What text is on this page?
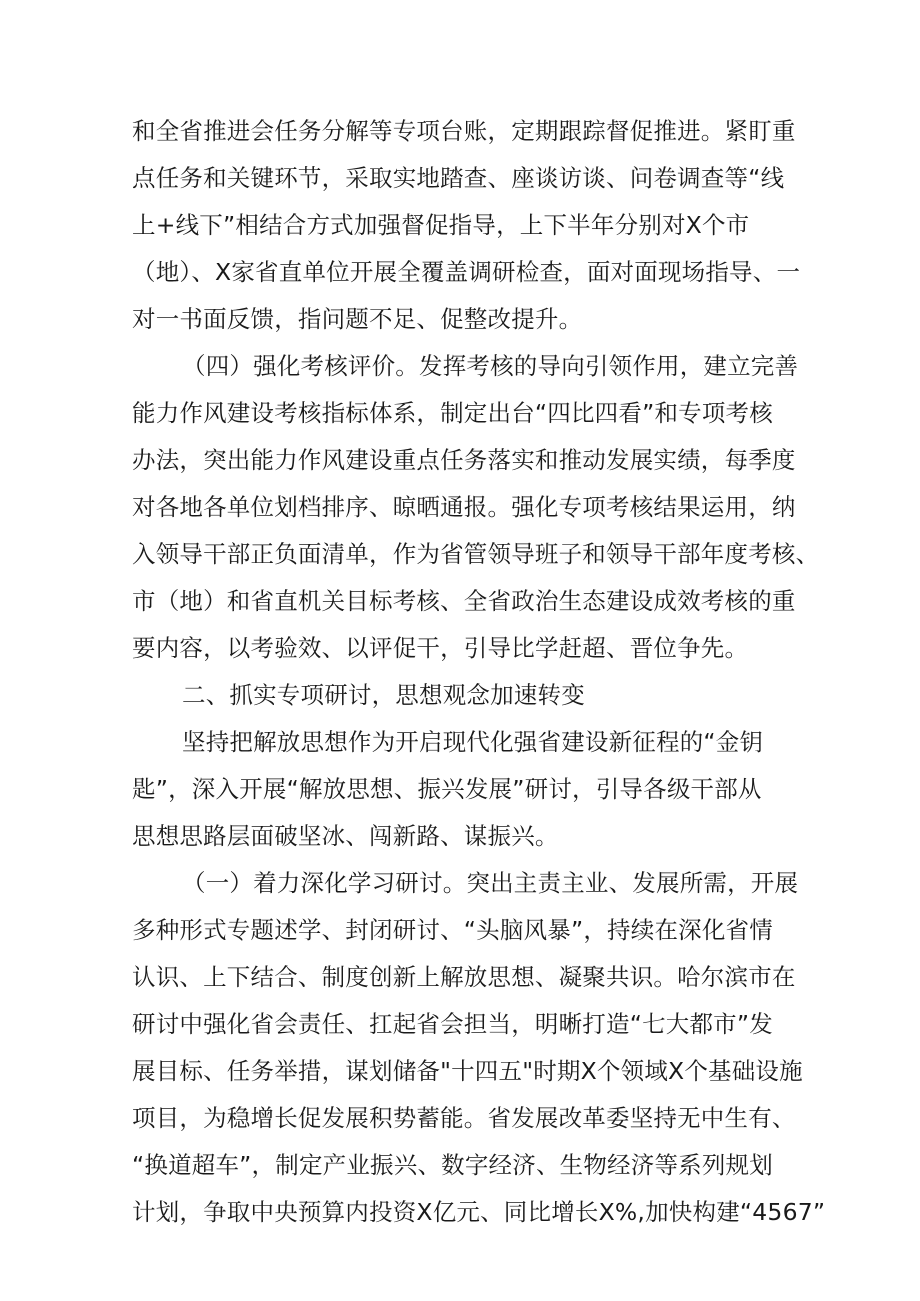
和全省推进会任务分解等专项台账，定期跟踪督促推进。紧盯重
点任务和关键环节，采取实地踏查、座谈访谈、问卷调查等“线
上+线下”相结合方式加强督促指导，上下半年分别对X个市
（地）、X家省直单位开展全覆盖调研检查，面对面现场指导、一
对一书面反馈，指问题不足、促整改提升。
（四）强化考核评价。发挥考核的导向引领作用，建立完善
能力作风建设考核指标体系，制定出台“四比四看”和专项考核
办法，突出能力作风建设重点任务落实和推动发展实绩，每季度
对各地各单位划档排序、晾晒通报。强化专项考核结果运用，纳
入领导干部正负面清单，作为省管领导班子和领导干部年度考核、
市（地）和省直机关目标考核、全省政治生态建设成效考核的重
要内容，以考验效、以评促干，引导比学赶超、晋位争先。
二、抓实专项研讨，思想观念加速转变
坚持把解放思想作为开启现代化强省建设新征程的“金钥
匙”，深入开展“解放思想、振兴发展”研讨，引导各级干部从
思想思路层面破坚冰、闯新路、谋振兴。
（一）着力深化学习研讨。突出主责主业、发展所需，开展
多种形式专题述学、封闭研讨、“头脑风暴”，持续在深化省情
认识、上下结合、制度创新上解放思想、凝聚共识。哈尔滨市在
研讨中强化省会责任、扛起省会担当，明晰打造“七大都市”发
展目标、任务举措，谋划储备"十四五"时期X个领域X个基础设施
项目，为稳增长促发展积势蓄能。省发展改革委坚持无中生有、
“换道超车”，制定产业振兴、数字经济、生物经济等系列规划
计划，争取中央预算内投资X亿元、同比增长X%,加快构建“4567”
